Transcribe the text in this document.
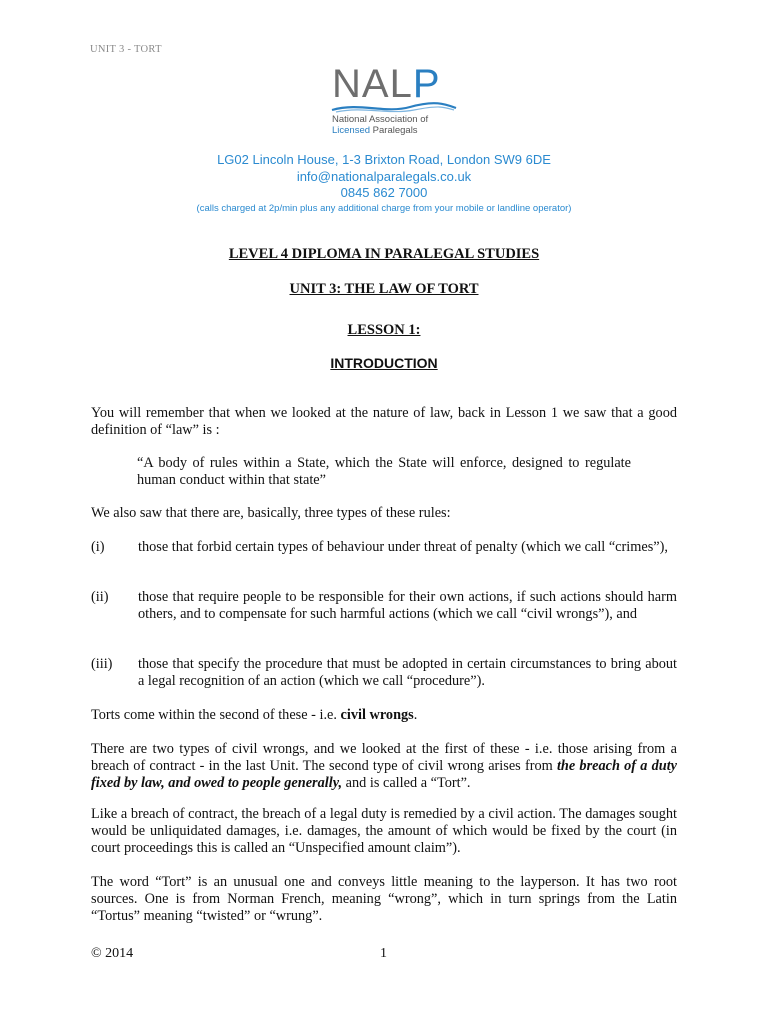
UNIT 3 - TORT
NALP
National Association of
Licensed Paralegals
LG02 Lincoln House, 1-3 Brixton Road, London SW9 6DE
info@nationalparalegals.co.uk
0845 862 7000
(calls charged at 2p/min plus any additional charge from your mobile or landline operator)
LEVEL 4 DIPLOMA IN PARALEGAL STUDIES
UNIT 3: THE LAW OF TORT
LESSON 1:
INTRODUCTION
You will remember that when we looked at the nature of law, back in Lesson 1 we saw that a good definition of “law” is :
“A body of rules within a State, which the State will enforce, designed to regulate human conduct within that state”
We also saw that there are, basically, three types of these rules:
(i) those that forbid certain types of behaviour under threat of penalty (which we call “crimes”),
(ii) those that require people to be responsible for their own actions, if such actions should harm others, and to compensate for such harmful actions (which we call “civil wrongs”), and
(iii) those that specify the procedure that must be adopted in certain circumstances to bring about a legal recognition of an action (which we call “procedure”).
Torts come within the second of these - i.e. civil wrongs.
There are two types of civil wrongs, and we looked at the first of these - i.e. those arising from a breach of contract - in the last Unit. The second type of civil wrong arises from the breach of a duty fixed by law, and owed to people generally, and is called a “Tort”.
Like a breach of contract, the breach of a legal duty is remedied by a civil action. The damages sought would be unliquidated damages, i.e. damages, the amount of which would be fixed by the court (in court proceedings this is called an “Unspecified amount claim”).
The word “Tort” is an unusual one and conveys little meaning to the layperson. It has two root sources. One is from Norman French, meaning “wrong”, which in turn springs from the Latin “Tortus” meaning “twisted” or “wrung”.
© 2014	1
